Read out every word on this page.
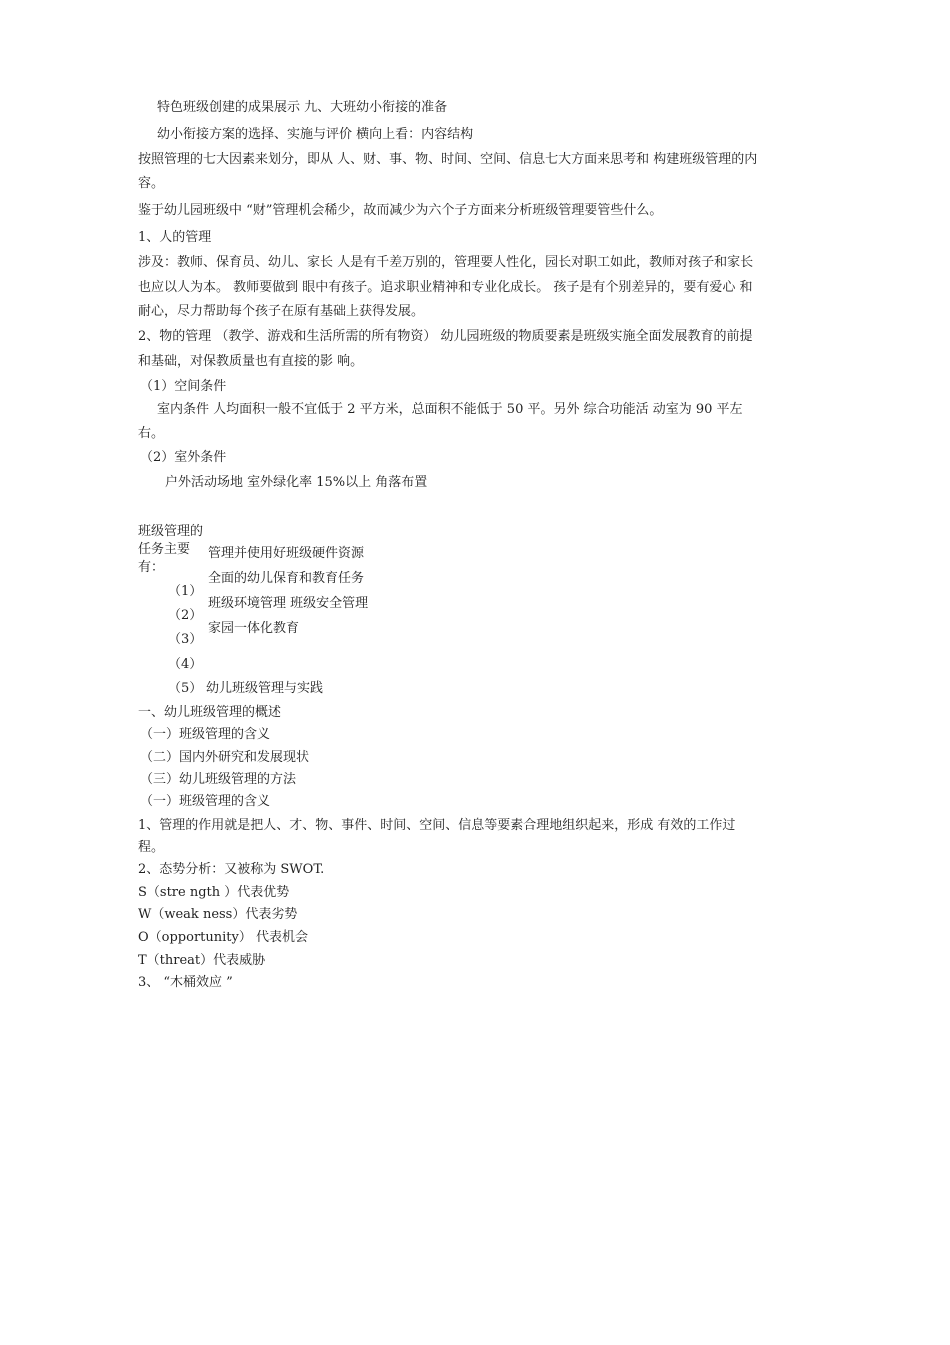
特色班级创建的成果展示 九、大班幼小衔接的准备
幼小衔接方案的选择、实施与评价 横向上看：内容结构
按照管理的七大因素来划分，即从 人、财、事、物、时间、空间、信息七大方面来思考和 构建班级管理的内
容。
鉴于幼儿园班级中 “财”管理机会稀少，故而减少为六个子方面来分析班级管理要管些什么。
1、人的管理
涉及：教师、保育员、幼儿、家长 人是有千差万别的，管理要人性化，园长对职工如此，教师对孩子和家长
也应以人为本。 教师要做到 眼中有孩子。追求职业精神和专业化成长。 孩子是有个别差异的，要有爱心 和
耐心，尽力帮助每个孩子在原有基础上获得发展。
2、物的管理 （教学、游戏和生活所需的所有物资） 幼儿园班级的物质要素是班级实施全面发展教育的前提
和基础，对保教质量也有直接的影 响。
（1）空间条件
室内条件 人均面积一般不宜低于 2 平方米，总面积不能低于 50 平。另外 综合功能活 动室为 90 平左
右。
（2）室外条件
户外活动场地 室外绿化率 15%以上 角落布置
班级管理的
任务主要
有：
管理并使用好班级硬件资源
全面的幼儿保育和教育任务
班级环境管理 班级安全管理
家园一体化教育
（1）
（2）
（3）
（4）
（5） 幼儿班级管理与实践
一、幼儿班级管理的概述
（一）班级管理的含义
（二）国内外研究和发展现状
（三）幼儿班级管理的方法
（一）班级管理的含义
1、管理的作用就是把人、才、物、事件、时间、空间、信息等要素合理地组织起来，形成 有效的工作过
程。
2、态势分析：又被称为 SWOT.
S（stre ngth ）代表优势
W（weak ness）代表劣势
O（opportunity） 代表机会
T（threat）代表威胁
3、 “木桶效应 ”
